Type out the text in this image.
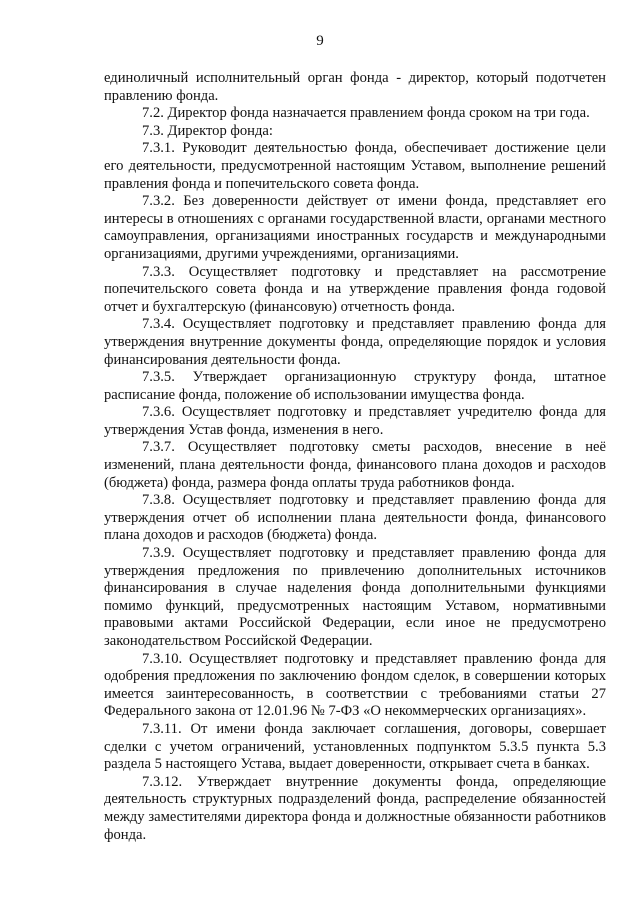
9

единоличный исполнительный орган фонда - директор, который подотчетен правлению фонда.

7.2. Директор фонда назначается правлением фонда сроком на три года.

7.3. Директор фонда:

7.3.1. Руководит деятельностью фонда, обеспечивает достижение цели его деятельности, предусмотренной настоящим Уставом, выполнение решений правления фонда и попечительского совета фонда.

7.3.2. Без доверенности действует от имени фонда, представляет его интересы в отношениях с органами государственной власти, органами местного самоуправления, организациями иностранных государств и международными организациями, другими учреждениями, организациями.

7.3.3. Осуществляет подготовку и представляет на рассмотрение попечительского совета фонда и на утверждение правления фонда годовой отчет и бухгалтерскую (финансовую) отчетность фонда.

7.3.4. Осуществляет подготовку и представляет правлению фонда для утверждения внутренние документы фонда, определяющие порядок и условия финансирования деятельности фонда.

7.3.5. Утверждает организационную структуру фонда, штатное расписание фонда, положение об использовании имущества фонда.

7.3.6. Осуществляет подготовку и представляет учредителю фонда для утверждения Устав фонда, изменения в него.

7.3.7. Осуществляет подготовку сметы расходов, внесение в неё изменений, плана деятельности фонда, финансового плана доходов и расходов (бюджета) фонда, размера фонда оплаты труда работников фонда.

7.3.8. Осуществляет подготовку и представляет правлению фонда для утверждения отчет об исполнении плана деятельности фонда, финансового плана доходов и расходов (бюджета) фонда.

7.3.9. Осуществляет подготовку и представляет правлению фонда для утверждения предложения по привлечению дополнительных источников финансирования в случае наделения фонда дополнительными функциями помимо функций, предусмотренных настоящим Уставом, нормативными правовыми актами Российской Федерации, если иное не предусмотрено законодательством Российской Федерации.

7.3.10. Осуществляет подготовку и представляет правлению фонда для одобрения предложения по заключению фондом сделок, в совершении которых имеется заинтересованность, в соответствии с требованиями статьи 27 Федерального закона от 12.01.96 № 7-ФЗ «О некоммерческих организациях».

7.3.11. От имени фонда заключает соглашения, договоры, совершает сделки с учетом ограничений, установленных подпунктом 5.3.5 пункта 5.3 раздела 5 настоящего Устава, выдает доверенности, открывает счета в банках.

7.3.12. Утверждает внутренние документы фонда, определяющие деятельность структурных подразделений фонда, распределение обязанностей между заместителями директора фонда и должностные обязанности работников фонда.
